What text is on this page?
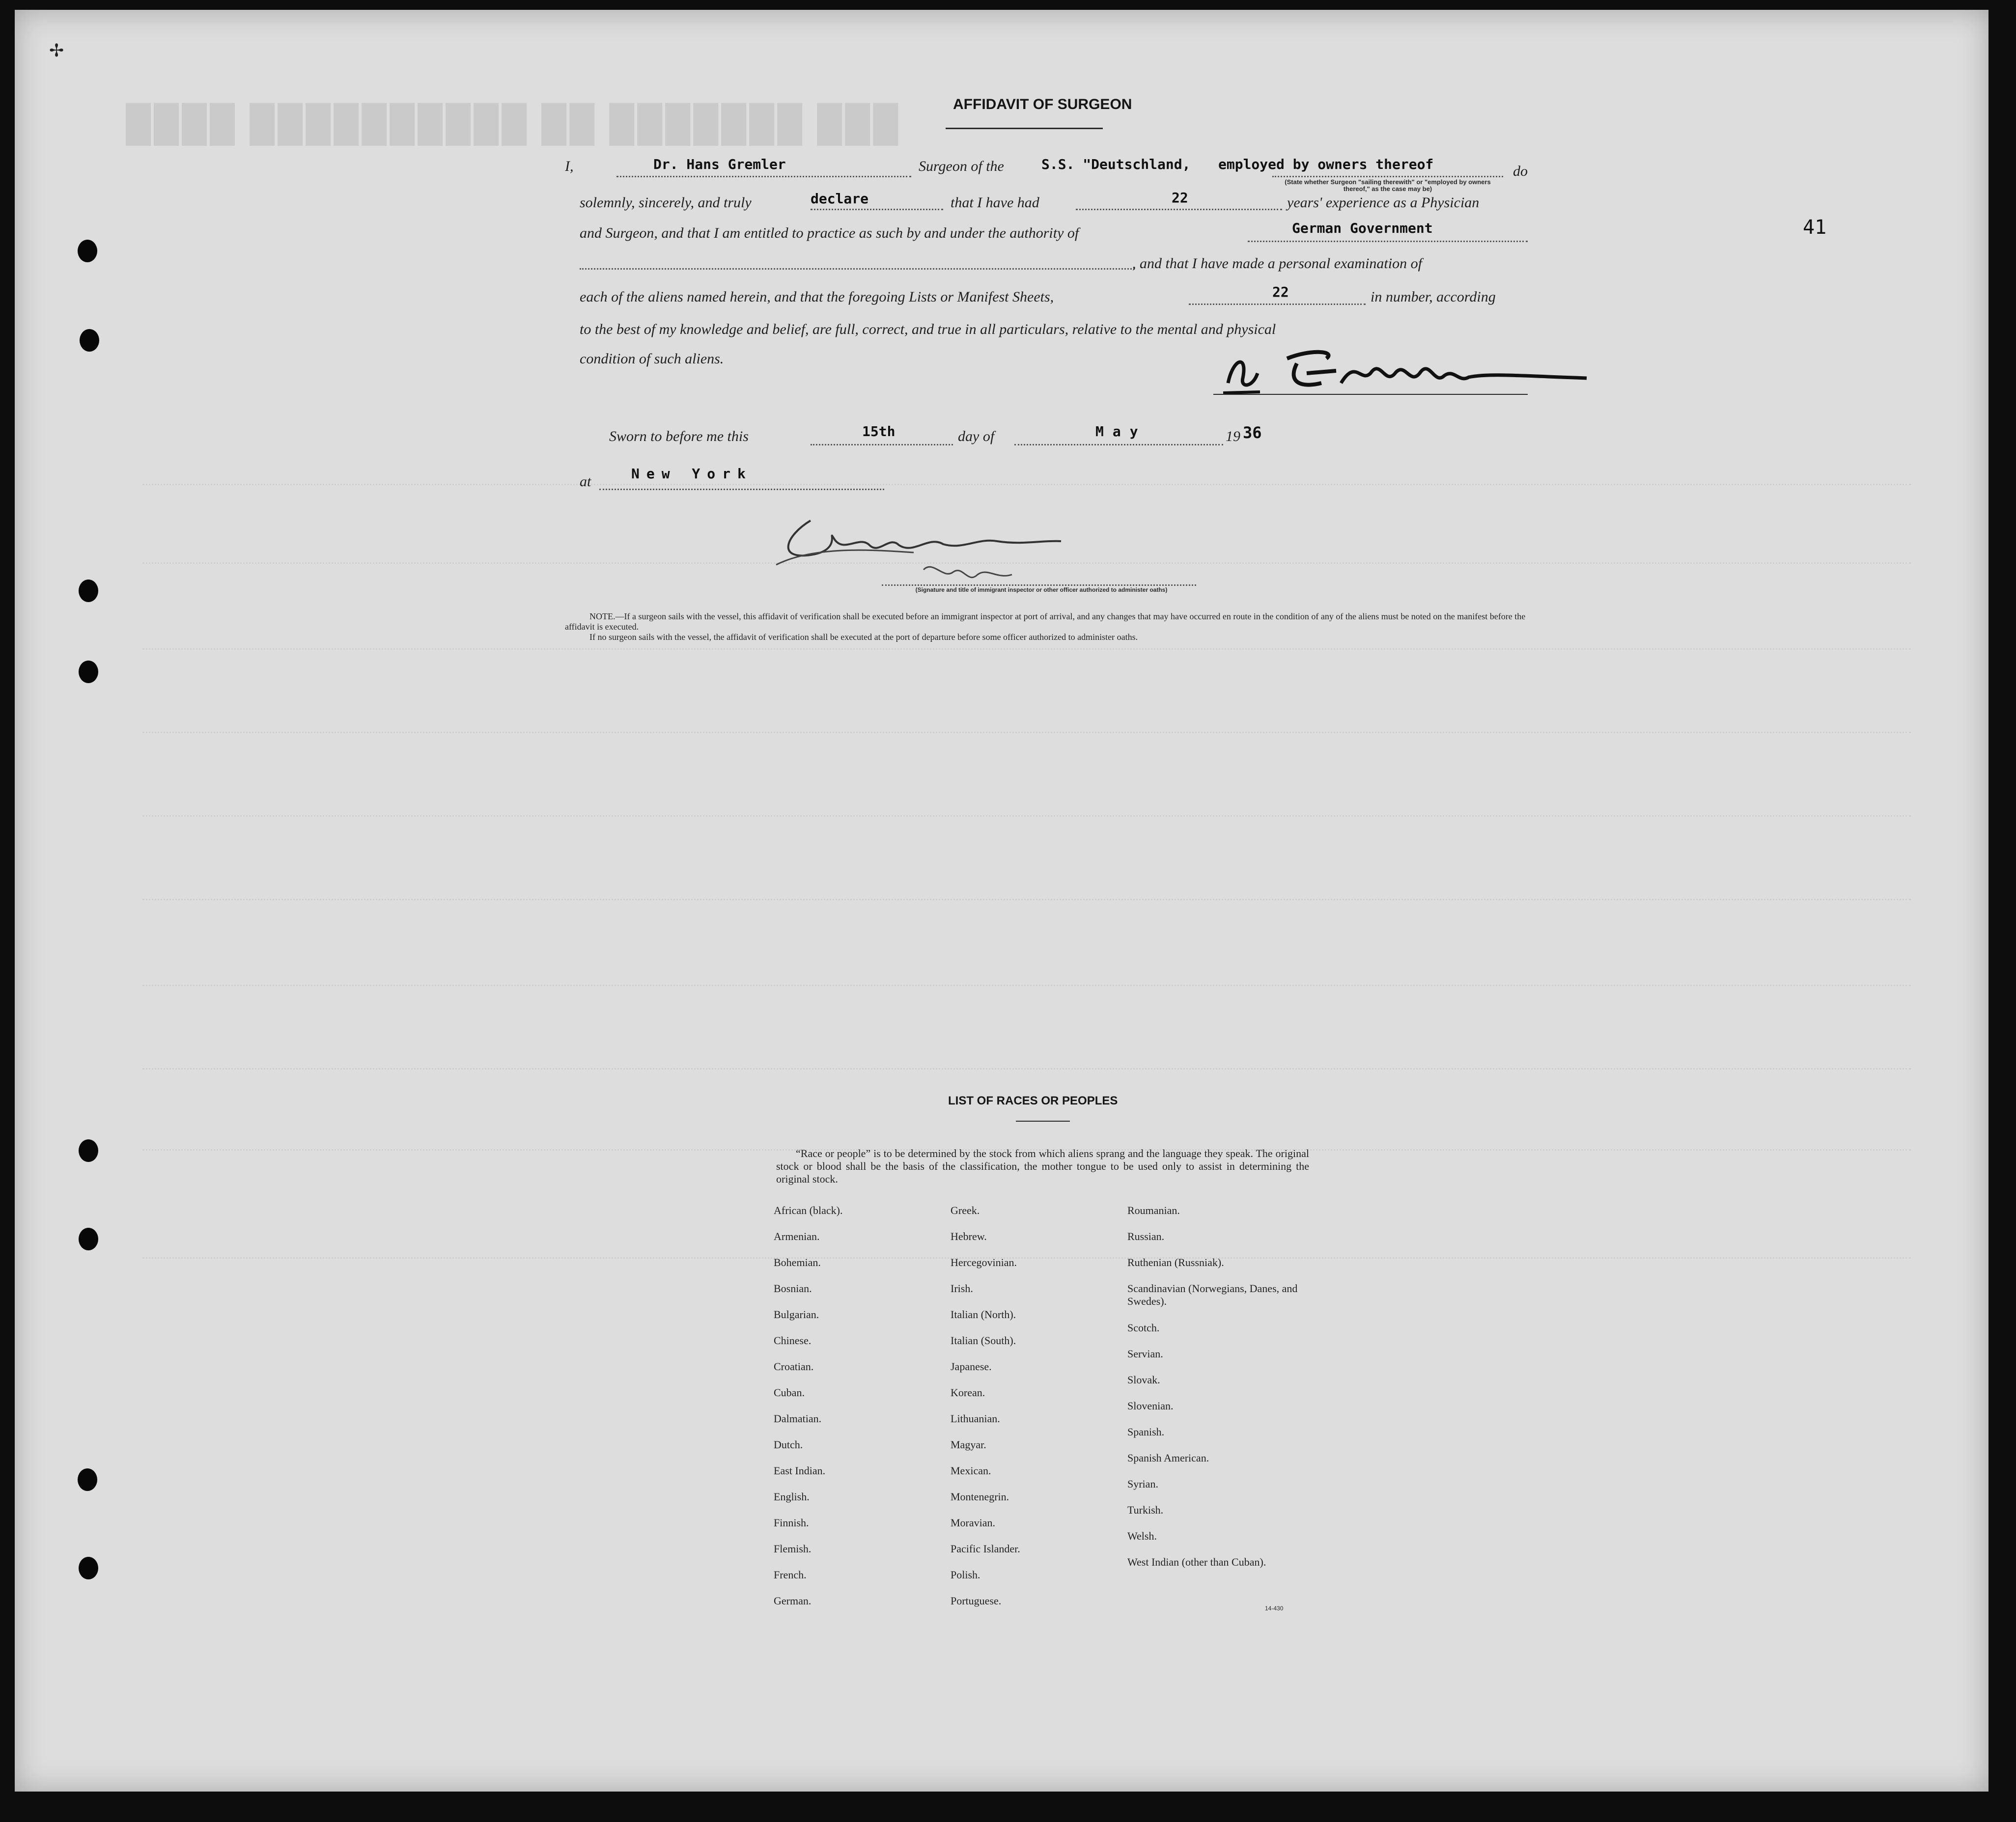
✢
███ ███████ ██ ██████████ ████
41
AFFIDAVIT OF SURGEON
I,	Dr. Hans Gremler	Surgeon of the	S.S. "Deutschland, employed by owners thereof	do
(State whether Surgeon "sailing therewith" or "employed by owners thereof," as the case may be)
solemnly, sincerely, and truly	declare	that I have had	22	years' experience as a Physician
and Surgeon, and that I am entitled to practice as such by and under the authority of	German Government
, and that I have made a personal examination of
each of the aliens named herein, and that the foregoing Lists or Manifest Sheets,	22	in number, according
to the best of my knowledge and belief, are full, correct, and true in all particulars, relative to the mental and physical
condition of such aliens.
Sworn to before me this	15th	day of	May	19 36
at	New York
(Signature and title of immigrant inspector or other officer authorized to administer oaths)
NOTE.—If a surgeon sails with the vessel, this affidavit of verification shall be executed before an immigrant inspector at port of arrival, and any changes that may have occurred en route in the condition of any of the aliens must be noted on the manifest before the affidavit is executed.
If no surgeon sails with the vessel, the affidavit of verification shall be executed at the port of departure before some officer authorized to administer oaths.
LIST OF RACES OR PEOPLES
“Race or people” is to be determined by the stock from which aliens sprang and the language they speak. The original stock or blood shall be the basis of the classification, the mother tongue to be used only to assist in determining the original stock.
African (black).
Armenian.
Bohemian.
Bosnian.
Bulgarian.
Chinese.
Croatian.
Cuban.
Dalmatian.
Dutch.
East Indian.
English.
Finnish.
Flemish.
French.
German.
Greek.
Hebrew.
Hercegovinian.
Irish.
Italian (North).
Italian (South).
Japanese.
Korean.
Lithuanian.
Magyar.
Mexican.
Montenegrin.
Moravian.
Pacific Islander.
Polish.
Portuguese.
Roumanian.
Russian.
Ruthenian (Russniak).
Scandinavian (Norwegians, Danes, and Swedes).
Scotch.
Servian.
Slovak.
Slovenian.
Spanish.
Spanish American.
Syrian.
Turkish.
Welsh.
West Indian (other than Cuban).
14-430
